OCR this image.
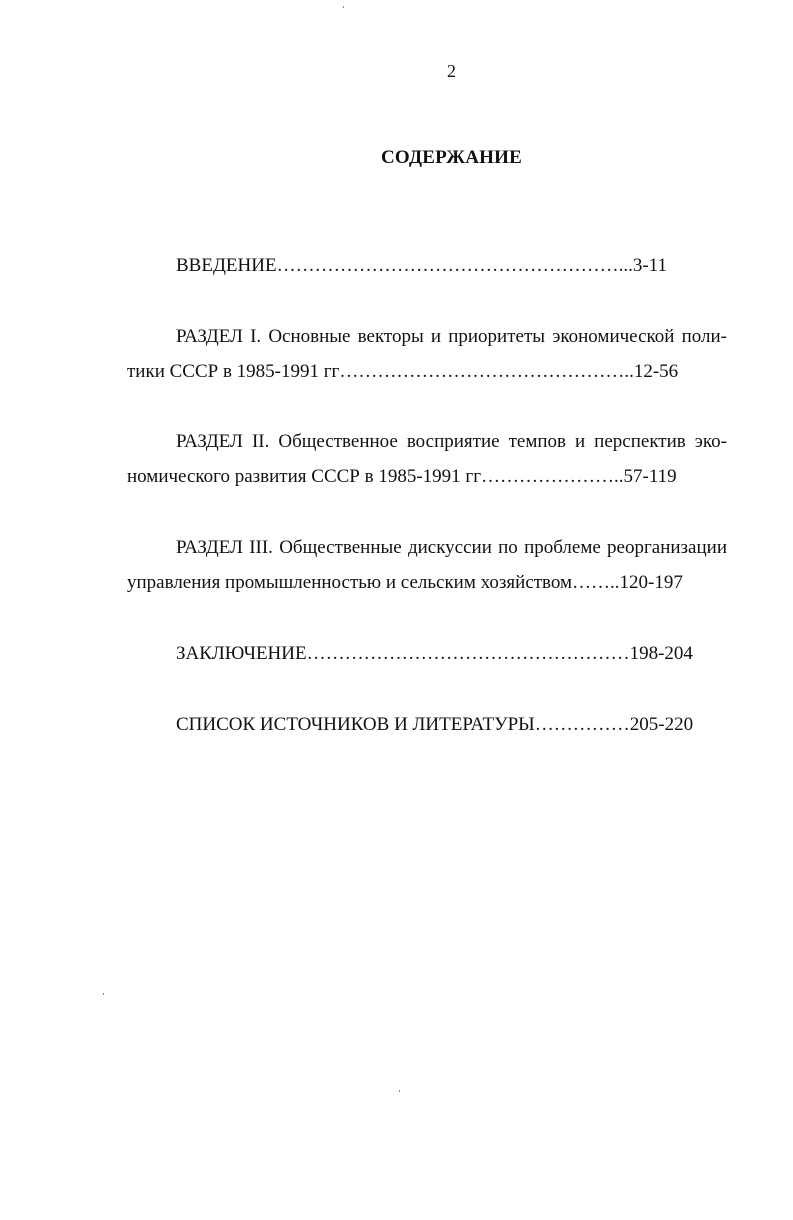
2
СОДЕРЖАНИЕ
ВВЕДЕНИЕ………………………………………………...3-11
РАЗДЕЛ I. Основные векторы и приоритеты экономической поли-
тики СССР в 1985-1991 гг………………………………………..12-56
РАЗДЕЛ II. Общественное восприятие темпов и перспектив эко-
номического развития СССР в 1985-1991 гг…………………..57-119
РАЗДЕЛ III. Общественные дискуссии по проблеме реорганизации
управления промышленностью и сельским хозяйством……..120-197
ЗАКЛЮЧЕНИЕ……………………………………………198-204
СПИСОК ИСТОЧНИКОВ И ЛИТЕРАТУРЫ……………205-220
